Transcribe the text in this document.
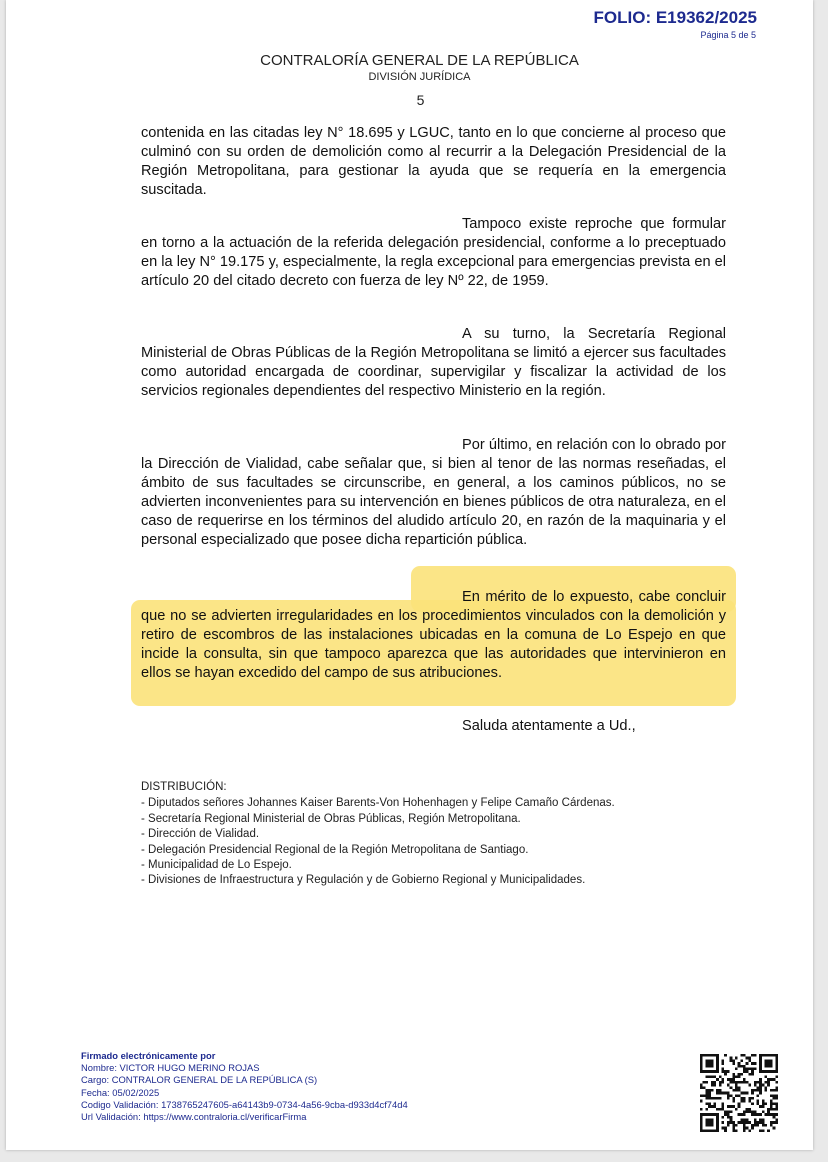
FOLIO: E19362/2025
Página 5 de 5
CONTRALORÍA GENERAL DE LA REPÚBLICA
DIVISIÓN JURÍDICA
5
contenida en las citadas ley N° 18.695 y LGUC, tanto en lo que concierne al proceso que culminó con su orden de demolición como al recurrir a la Delegación Presidencial de la Región Metropolitana, para gestionar la ayuda que se requería en la emergencia suscitada.
Tampoco existe reproche que formular en torno a la actuación de la referida delegación presidencial, conforme a lo preceptuado en la ley N° 19.175 y, especialmente, la regla excepcional para emergencias prevista en el artículo 20 del citado decreto con fuerza de ley Nº 22, de 1959.
A su turno, la Secretaría Regional Ministerial de Obras Públicas de la Región Metropolitana se limitó a ejercer sus facultades como autoridad encargada de coordinar, supervigilar y fiscalizar la actividad de los servicios regionales dependientes del respectivo Ministerio en la región.
Por último, en relación con lo obrado por la Dirección de Vialidad, cabe señalar que, si bien al tenor de las normas reseñadas, el ámbito de sus facultades se circunscribe, en general, a los caminos públicos, no se advierten inconvenientes para su intervención en bienes públicos de otra naturaleza, en el caso de requerirse en los términos del aludido artículo 20, en razón de la maquinaria y el personal especializado que posee dicha repartición pública.
En mérito de lo expuesto, cabe concluir que no se advierten irregularidades en los procedimientos vinculados con la demolición y retiro de escombros de las instalaciones ubicadas en la comuna de Lo Espejo en que incide la consulta, sin que tampoco aparezca que las autoridades que intervinieron en ellos se hayan excedido del campo de sus atribuciones.
Saluda atentamente a Ud.,
DISTRIBUCIÓN:
- Diputados señores Johannes Kaiser Barents-Von Hohenhagen y Felipe Camaño Cárdenas.
- Secretaría Regional Ministerial de Obras Públicas, Región Metropolitana.
- Dirección de Vialidad.
- Delegación Presidencial Regional de la Región Metropolitana de Santiago.
- Municipalidad de Lo Espejo.
- Divisiones de Infraestructura y Regulación y de Gobierno Regional y Municipalidades.
Firmado electrónicamente por
Nombre: VICTOR HUGO MERINO ROJAS
Cargo: CONTRALOR GENERAL DE LA REPÚBLICA (S)
Fecha: 05/02/2025
Codigo Validación: 1738765247605-a64143b9-0734-4a56-9cba-d933d4cf74d4
Url Validación: https://www.contraloria.cl/verificarFirma
